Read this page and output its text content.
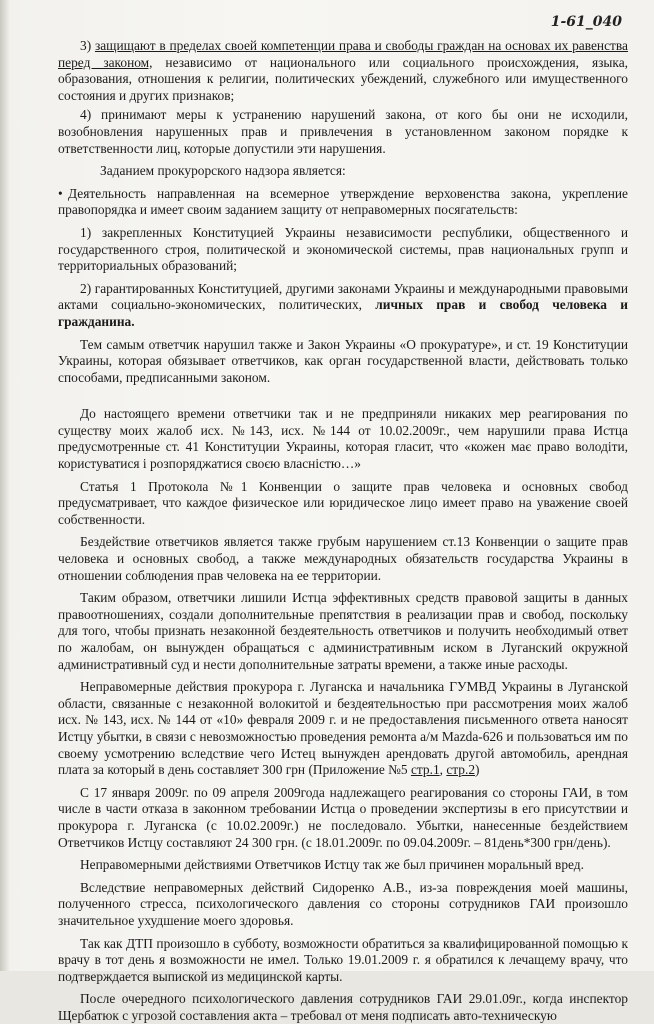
1-61_040

3) защищают в пределах своей компетенции права и свободы граждан на основах их равенства перед законом, независимо от национального или социального происхождения, языка, образования, отношения к религии, политических убеждений, служебного или имущественного состояния и других признаков;

4) принимают меры к устранению нарушений закона, от кого бы они не исходили, возобновления нарушенных прав и привлечения в установленном законом порядке к ответственности лиц, которые допустили эти нарушения.

Заданием прокурорского надзора является:

• Деятельность направленная на всемерное утверждение верховенства закона, укрепление правопорядка и имеет своим заданием защиту от неправомерных посягательств:

1) закрепленных Конституцией Украины независимости республики, общественного и государственного строя, политической и экономической системы, прав национальных групп и территориальных образований;

2) гарантированных Конституцией, другими законами Украины и международными правовыми актами социально-экономических, политических, личных прав и свобод человека и гражданина.

Тем самым ответчик нарушил также и Закон Украины «О прокуратуре», и ст. 19 Конституции Украины, которая обязывает ответчиков, как орган государственной власти, действовать только способами, предписанными законом.

До настоящего времени ответчики так и не предприняли никаких мер реагирования по существу моих жалоб исх. №143, исх. №144 от 10.02.2009г., чем нарушили права Истца предусмотренные ст. 41 Конституции Украины, которая гласит, что «кожен має право володіти, користуватися і розпоряджатися своєю власністю…»

Статья 1 Протокола №1 Конвенции о защите прав человека и основных свобод предусматривает, что каждое физическое или юридическое лицо имеет право на уважение своей собственности.

Бездействие ответчиков является также грубым нарушением ст.13 Конвенции о защите прав человека и основных свобод, а также международных обязательств государства Украины в отношении соблюдения прав человека на ее территории.

Таким образом, ответчики лишили Истца эффективных средств правовой защиты в данных правоотношениях, создали дополнительные препятствия в реализации прав и свобод, поскольку для того, чтобы признать незаконной бездеятельность ответчиков и получить необходимый ответ по жалобам, он вынужден обращаться с административным иском в Луганский окружной административный суд и нести дополнительные затраты времени, а также иные расходы.

Неправомерные действия прокурора г. Луганска и начальника ГУМВД Украины в Луганской области, связанные с незаконной волокитой и бездеятельностью при рассмотрения моих жалоб исх. № 143, исх. № 144 от «10» февраля 2009 г. и не предоставления письменного ответа наносят Истцу убытки, в связи с невозможностью проведения ремонта а/м Mazda-626 и пользоваться им по своему усмотрению вследствие чего Истец вынужден арендовать другой автомобиль, арендная плата за который в день составляет 300 грн (Приложение №5 стр.1, стр.2)

С 17 января 2009г. по 09 апреля 2009года надлежащего реагирования со стороны ГАИ, в том числе в части отказа в законном требовании Истца о проведении экспертизы в его присутствии и прокурора г. Луганска (с 10.02.2009г.) не последовало. Убытки, нанесенные бездействием Ответчиков Истцу составляют 24 300 грн. (с 18.01.2009г. по 09.04.2009г. – 81день*300 грн/день).

Неправомерными действиями Ответчиков Истцу так же был причинен моральный вред.

Вследствие неправомерных действий Сидоренко А.В., из-за повреждения моей машины, полученного стресса, психологического давления со стороны сотрудников ГАИ произошло значительное ухудшение моего здоровья.

Так как ДТП произошло в субботу, возможности обратиться за квалифицированной помощью к врачу в тот день я возможности не имел. Только 19.01.2009 г. я обратился к лечащему врачу, что подтверждается выпиской из медицинской карты.

После очередного психологического давления сотрудников ГАИ 29.01.09г., когда инспектор Щербатюк с угрозой составления акта – требовал от меня подписать авто-техническую
